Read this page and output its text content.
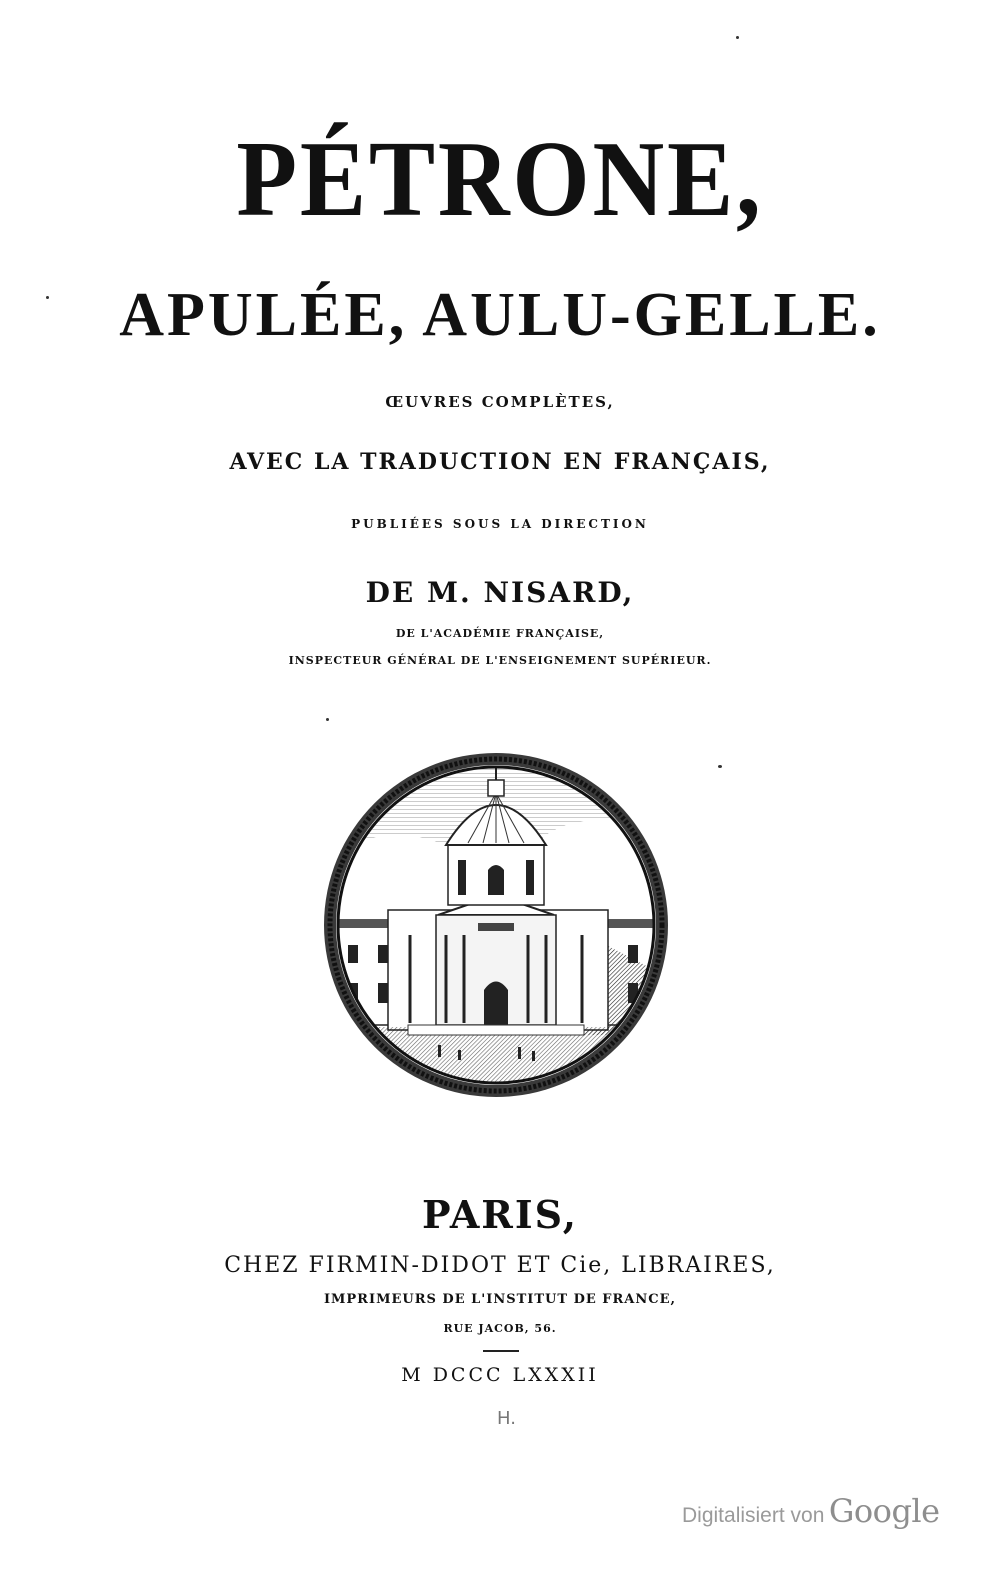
PÉTRONE,
APULÉE, AULU-GELLE.
ŒUVRES COMPLÈTES,
AVEC LA TRADUCTION EN FRANÇAIS,
PUBLIÉES SOUS LA DIRECTION
DE M. NISARD,
DE L'ACADÉMIE FRANÇAISE,
INSPECTEUR GÉNÉRAL DE L'ENSEIGNEMENT SUPÉRIEUR.
PARIS,
CHEZ FIRMIN-DIDOT ET Cie, LIBRAIRES,
IMPRIMEURS DE L'INSTITUT DE FRANCE,
RUE JACOB, 56.
M DCCC LXXXII
H.
Digitalisiert von Google
